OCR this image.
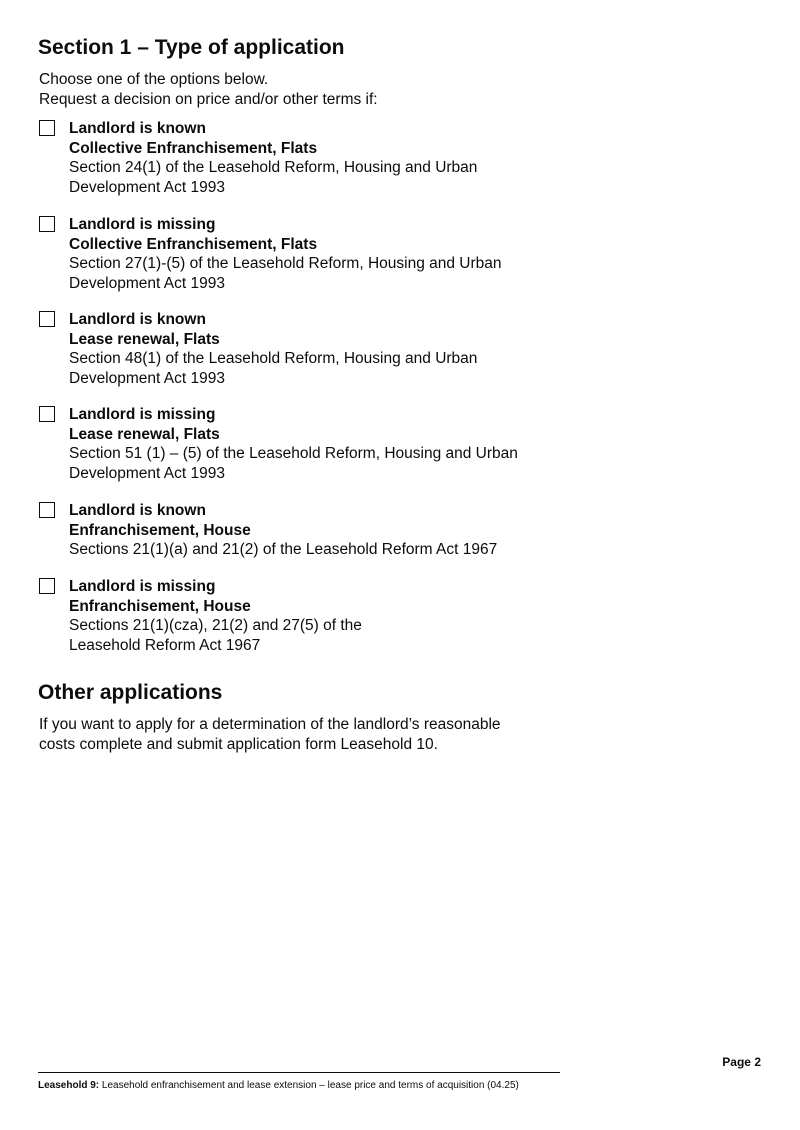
Section 1 – Type of application
Choose one of the options below.
Request a decision on price and/or other terms if:
Landlord is known
Collective Enfranchisement, Flats
Section 24(1) of the Leasehold Reform, Housing and Urban
Development Act 1993
Landlord is missing
Collective Enfranchisement, Flats
Section 27(1)-(5) of the Leasehold Reform, Housing and Urban
Development Act 1993
Landlord is known
Lease renewal, Flats
Section 48(1) of the Leasehold Reform, Housing and Urban
Development Act 1993
Landlord is missing
Lease renewal, Flats
Section 51 (1) – (5) of the Leasehold Reform, Housing and Urban
Development Act 1993
Landlord is known
Enfranchisement, House
Sections 21(1)(a) and 21(2) of the Leasehold Reform Act 1967
Landlord is missing
Enfranchisement, House
Sections 21(1)(cza), 21(2) and 27(5) of the
Leasehold Reform Act 1967
Other applications
If you want to apply for a determination of the landlord’s reasonable
costs complete and submit application form Leasehold 10.
Page 2
Leasehold 9: Leasehold enfranchisement and lease extension – lease price and terms of acquisition (04.25)
